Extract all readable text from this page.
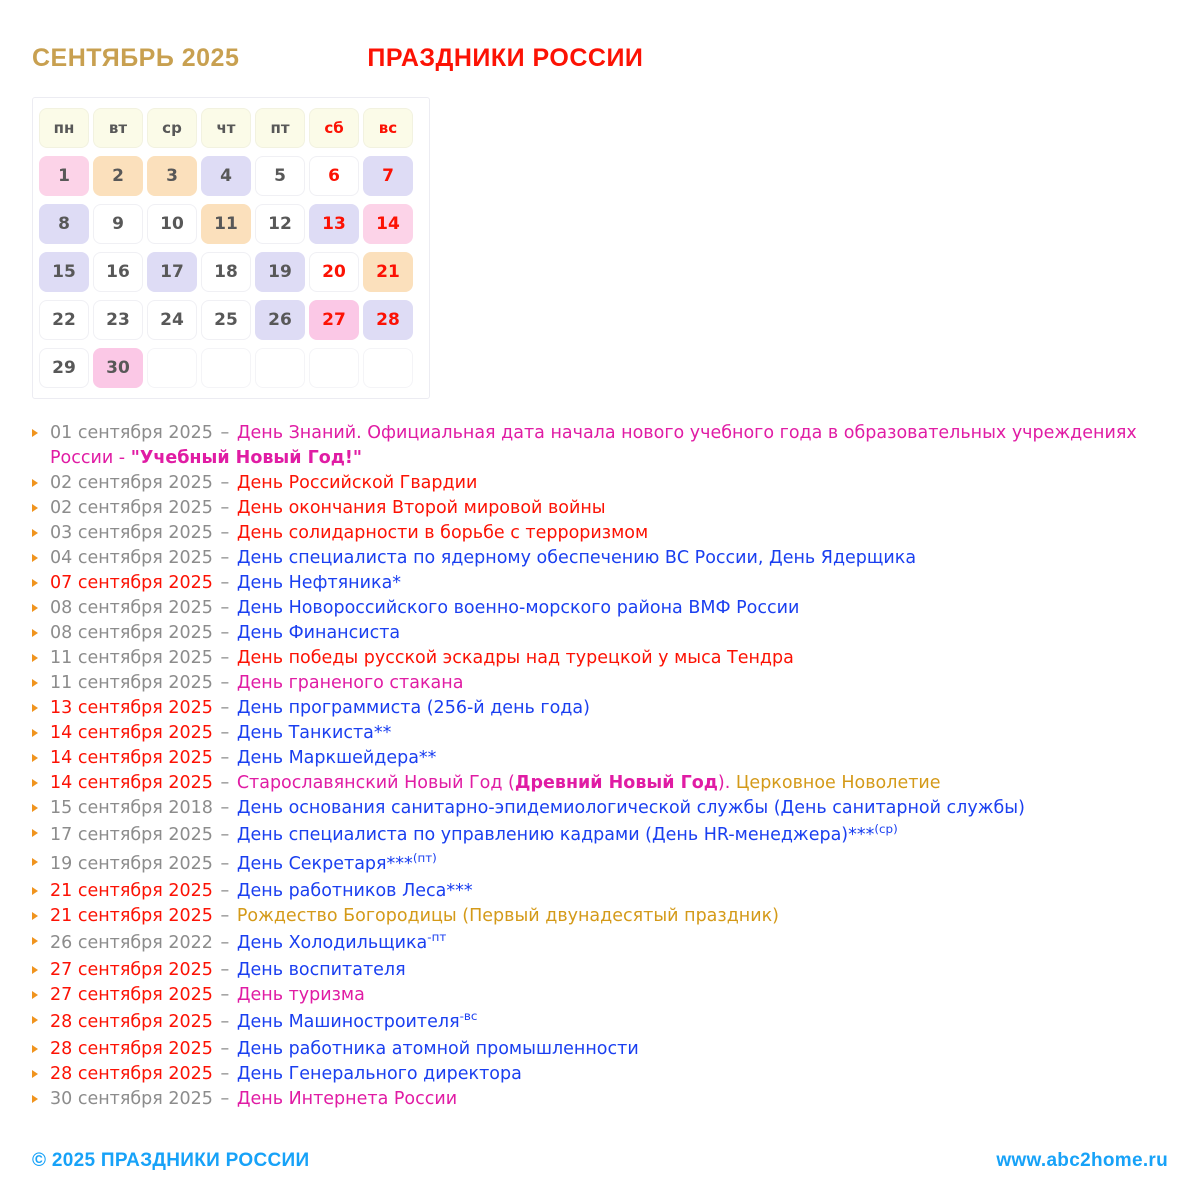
СЕНТЯБРЬ 2025	ПРАЗДНИКИ РОССИИ
пн	вт	ср	чт	пт	сб	вс
1	2	3	4	5	6	7
8	9	10	11	12	13	14
15	16	17	18	19	20	21
22	23	24	25	26	27	28
29	30
01 сентября 2025 – День Знаний. Официальная дата начала нового учебного года в образовательных учреждениях России - "Учебный Новый Год!"
02 сентября 2025 – День Российской Гвардии
02 сентября 2025 – День окончания Второй мировой войны
03 сентября 2025 – День солидарности в борьбе с терроризмом
04 сентября 2025 – День специалиста по ядерному обеспечению ВС России, День Ядерщика
07 сентября 2025 – День Нефтяника*
08 сентября 2025 – День Новороссийского военно-морского района ВМФ России
08 сентября 2025 – День Финансиста
11 сентября 2025 – День победы русской эскадры над турецкой у мыса Тендра
11 сентября 2025 – День граненого стакана
13 сентября 2025 – День программиста (256-й день года)
14 сентября 2025 – День Танкиста**
14 сентября 2025 – День Маркшейдера**
14 сентября 2025 – Старославянский Новый Год (Древний Новый Год). Церковное Новолетие
15 сентября 2018 – День основания санитарно-эпидемиологической службы (День санитарной службы)
17 сентября 2025 – День специалиста по управлению кадрами (День HR-менеджера)***$^{(ср)}$
19 сентября 2025 – День Секретаря***$^{(пт)}$
21 сентября 2025 – День работников Леса***
21 сентября 2025 – Рождество Богородицы (Первый двунадесятый праздник)
26 сентября 2022 – День Холодильщика$^{-пт}$
27 сентября 2025 – День воспитателя
27 сентября 2025 – День туризма
28 сентября 2025 – День Машиностроителя$^{-вс}$
28 сентября 2025 – День работника атомной промышленности
28 сентября 2025 – День Генерального директора
30 сентября 2025 – День Интернета России
© 2025 ПРАЗДНИКИ РОССИИ	www.abc2home.ru
